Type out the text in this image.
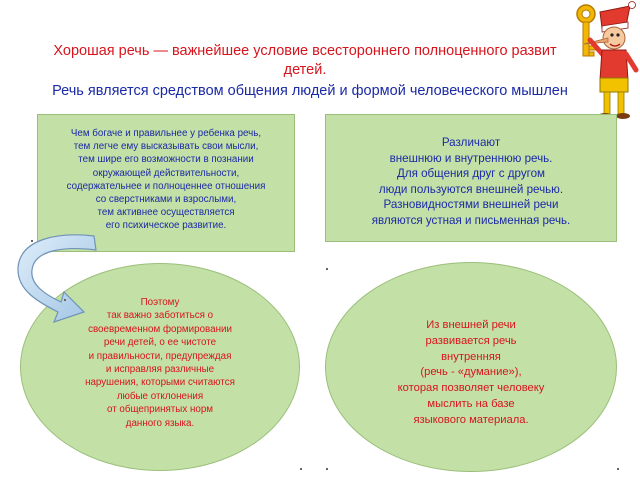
Хорошая речь — важнейшее условие всестороннего полноценного развит
детей.
Речь является средством общения людей и формой человеческого мышлен
Чем богаче и правильнее у ребенка речь,
тем легче ему высказывать свои мысли,
тем шире его возможности в познании
окружающей действительности,
содержательнее и полноценнее отношения
со сверстниками и взрослыми,
тем активнее осуществляется
его психическое развитие.
Различают
внешнюю и внутреннюю речь.
Для общения друг с другом
люди пользуются внешней речью.
Разновидностями внешней речи
являются устная и письменная речь.
Поэтому
так важно заботиться о
своевременном формировании
речи детей, о ее чистоте
и правильности, предупреждая
и исправляя различные
нарушения, которыми считаются
любые отклонения
от общепринятых норм
данного языка.
Из внешней речи
развивается речь
внутренняя
(речь - «думание»),
которая позволяет человеку
мыслить на базе
языкового материала.
